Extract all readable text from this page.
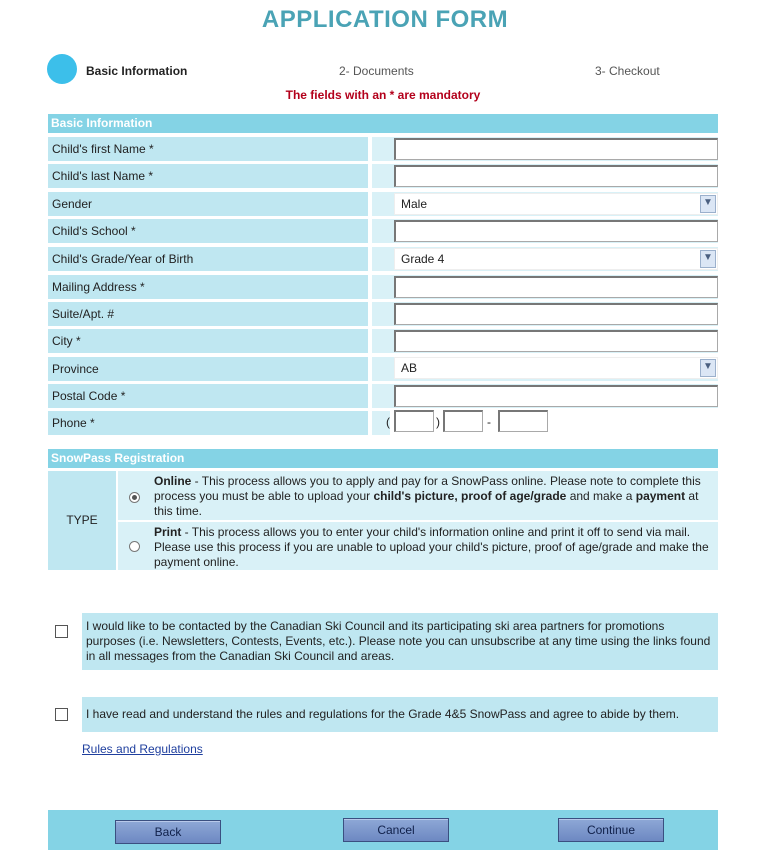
APPLICATION FORM
Basic Information	2- Documents	3- Checkout
The fields with an * are mandatory
Basic Information
Child's first Name *
Child's last Name *
Gender	Male	▼
Child's School *
Child's Grade/Year of Birth	Grade 4	▼
Mailing Address *
Suite/Apt. #
City *
Province	AB	▼
Postal Code *
Phone *	(	)	-
SnowPass Registration
TYPE
Online - This process allows you to apply and pay for a SnowPass online. Please note to complete this process you must be able to upload your child's picture, proof of age/grade and make a payment at this time.
Print - This process allows you to enter your child's information online and print it off to send via mail. Please use this process if you are unable to upload your child's picture, proof of age/grade and make the payment online.
I would like to be contacted by the Canadian Ski Council and its participating ski area partners for promotions purposes (i.e. Newsletters, Contests, Events, etc.). Please note you can unsubscribe at any time using the links found in all messages from the Canadian Ski Council and areas.
I have read and understand the rules and regulations for the Grade 4&5 SnowPass and agree to abide by them.
Rules and Regulations
Back	Cancel	Continue
